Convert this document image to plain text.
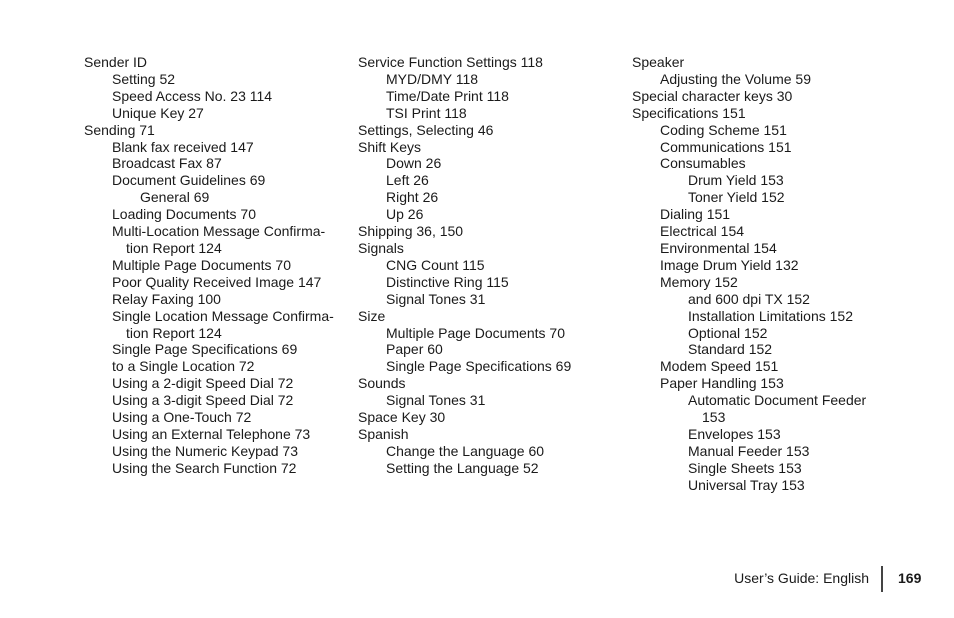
Sender ID
Setting 52
Speed Access No. 23 114
Unique Key 27
Sending 71
Blank fax received 147
Broadcast Fax 87
Document Guidelines 69
General 69
Loading Documents 70
Multi-Location Message Confirma-
tion Report 124
Multiple Page Documents 70
Poor Quality Received Image 147
Relay Faxing 100
Single Location Message Confirma-
tion Report 124
Single Page Specifications 69
to a Single Location 72
Using a 2-digit Speed Dial 72
Using a 3-digit Speed Dial 72
Using a One-Touch 72
Using an External Telephone 73
Using the Numeric Keypad 73
Using the Search Function 72
Service Function Settings 118
MYD/DMY 118
Time/Date Print 118
TSI Print 118
Settings, Selecting 46
Shift Keys
Down 26
Left 26
Right 26
Up 26
Shipping 36, 150
Signals
CNG Count 115
Distinctive Ring 115
Signal Tones 31
Size
Multiple Page Documents 70
Paper 60
Single Page Specifications 69
Sounds
Signal Tones 31
Space Key 30
Spanish
Change the Language 60
Setting the Language 52
Speaker
Adjusting the Volume 59
Special character keys 30
Specifications 151
Coding Scheme 151
Communications 151
Consumables
Drum Yield 153
Toner Yield 152
Dialing 151
Electrical 154
Environmental 154
Image Drum Yield 132
Memory 152
and 600 dpi TX 152
Installation Limitations 152
Optional 152
Standard 152
Modem Speed 151
Paper Handling 153
Automatic Document Feeder
153
Envelopes 153
Manual Feeder 153
Single Sheets 153
Universal Tray 153
User’s Guide: English 169
